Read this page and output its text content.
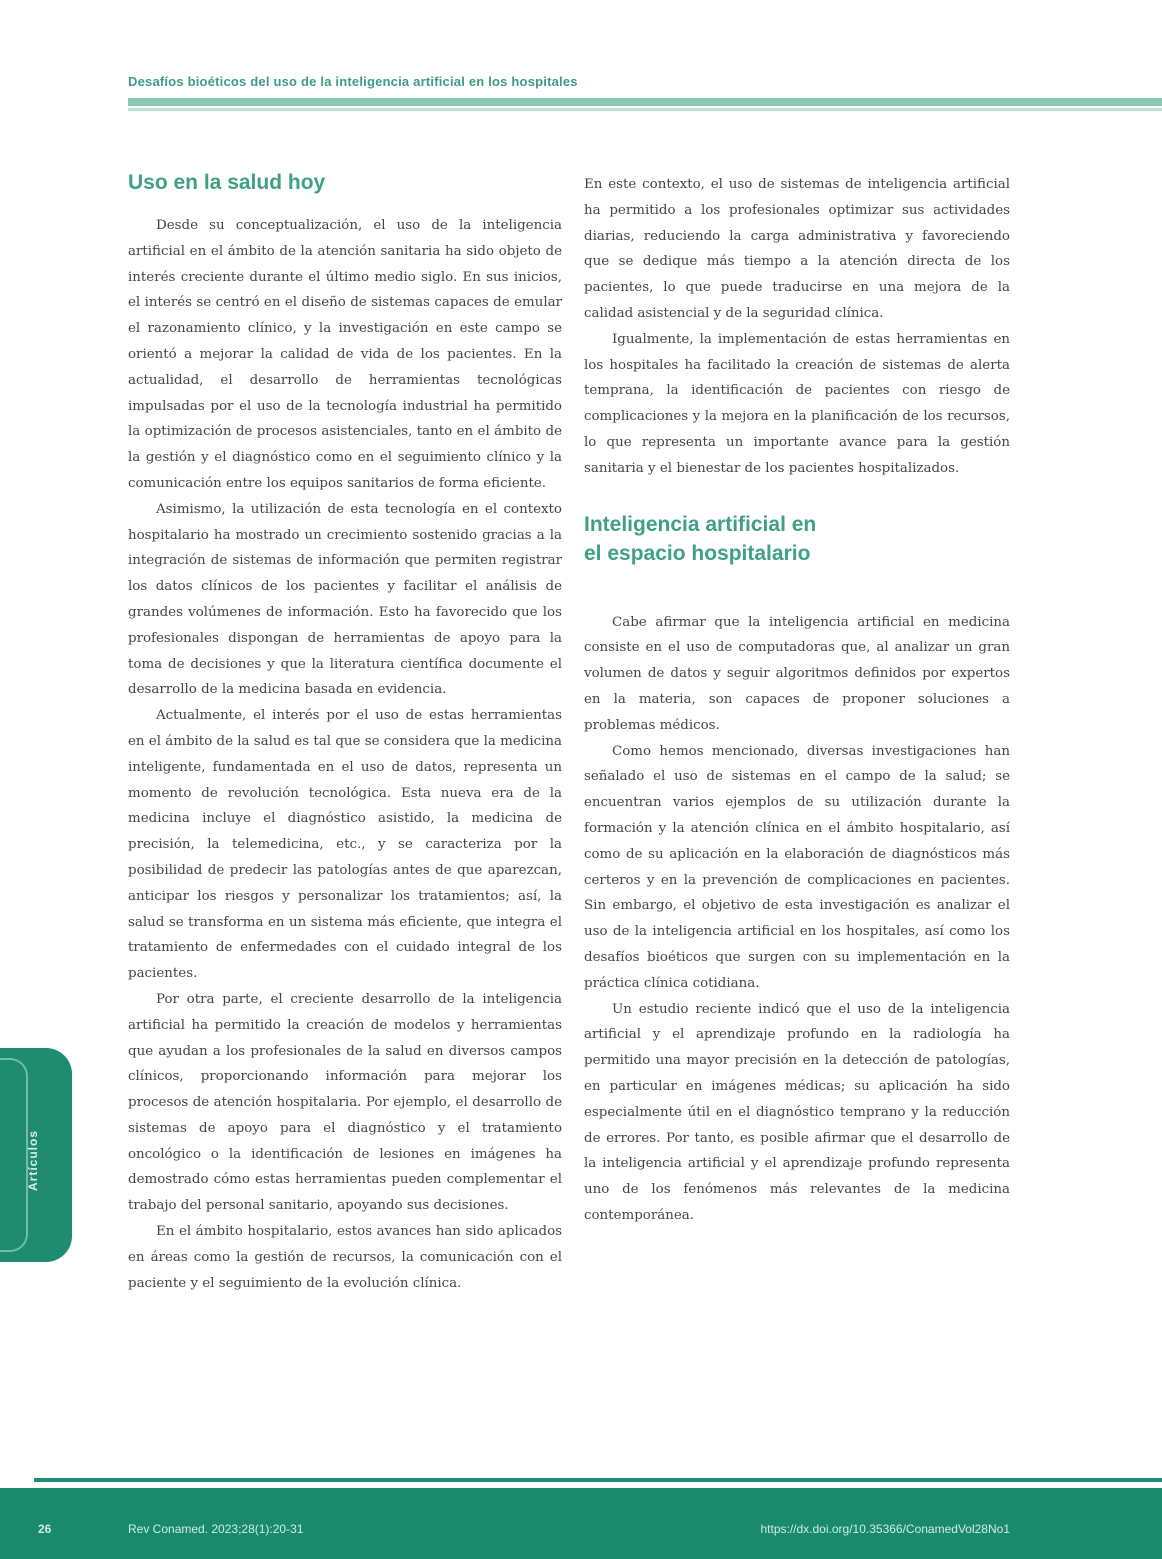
Desafíos bioéticos del uso de la inteligencia artificial en los hospitales
Uso en la salud hoy

Desde su conceptualización, el uso de la inteligencia artificial en el ámbito de la atención sanitaria ha sido objeto de interés creciente durante el último medio siglo. En sus inicios, el interés se centró en el diseño de sistemas capaces de emular el razonamiento clínico, y la investigación en este campo se orientó a mejorar la calidad de vida de los pacientes. En la actualidad, el desarrollo de herramientas tecnológicas impulsadas por el uso de la tecnología industrial ha permitido la optimización de procesos asistenciales, tanto en el ámbito de la gestión y el diagnóstico como en el seguimiento clínico y la comunicación entre los equipos sanitarios de forma eficiente.

Asimismo, la utilización de esta tecnología en el contexto hospitalario ha mostrado un crecimiento sostenido gracias a la integración de sistemas de información que permiten registrar los datos clínicos de los pacientes y facilitar el análisis de grandes volúmenes de información. Esto ha favorecido que los profesionales dispongan de herramientas de apoyo para la toma de decisiones y que la literatura científica documente el desarrollo de la medicina basada en evidencia.

Actualmente, el interés por el uso de estas herramientas en el ámbito de la salud es tal que se considera que la medicina inteligente, fundamentada en el uso de datos, representa un momento de revolución tecnológica. Esta nueva era de la medicina incluye el diagnóstico asistido, la medicina de precisión, la telemedicina, etc., y se caracteriza por la posibilidad de predecir las patologías antes de que aparezcan, anticipar los riesgos y personalizar los tratamientos; así, la salud se transforma en un sistema más eficiente, que integra el tratamiento de enfermedades con el cuidado integral de los pacientes.

Por otra parte, el creciente desarrollo de la inteligencia artificial ha permitido la creación de modelos y herramientas que ayudan a los profesionales de la salud en diversos campos clínicos, proporcionando información para mejorar los procesos de atención hospitalaria. Por ejemplo, el desarrollo de sistemas de apoyo para el diagnóstico y el tratamiento oncológico o la identificación de lesiones en imágenes ha demostrado cómo estas herramientas pueden complementar el trabajo del personal sanitario, apoyando sus decisiones.

En el ámbito hospitalario, estos avances han sido aplicados en áreas como la gestión de recursos, la comunicación con el paciente y el seguimiento de la evolución clínica.

En este contexto, el uso de sistemas de inteligencia artificial ha permitido a los profesionales optimizar sus actividades diarias, reduciendo la carga administrativa y favoreciendo que se dedique más tiempo a la atención directa de los pacientes, lo que puede traducirse en una mejora de la calidad asistencial y de la seguridad clínica.

Igualmente, la implementación de estas herramientas en los hospitales ha facilitado la creación de sistemas de alerta temprana, la identificación de pacientes con riesgo de complicaciones y la mejora en la planificación de los recursos, lo que representa un importante avance para la gestión sanitaria y el bienestar de los pacientes hospitalizados.

Inteligencia artificial en
el espacio hospitalario

Cabe afirmar que la inteligencia artificial en medicina consiste en el uso de computadoras que, al analizar un gran volumen de datos y seguir algoritmos definidos por expertos en la materia, son capaces de proponer soluciones a problemas médicos.

Como hemos mencionado, diversas investigaciones han señalado el uso de sistemas en el campo de la salud; se encuentran varios ejemplos de su utilización durante la formación y la atención clínica en el ámbito hospitalario, así como de su aplicación en la elaboración de diagnósticos más certeros y en la prevención de complicaciones en pacientes. Sin embargo, el objetivo de esta investigación es analizar el uso de la inteligencia artificial en los hospitales, así como los desafíos bioéticos que surgen con su implementación en la práctica clínica cotidiana.

Un estudio reciente indicó que el uso de la inteligencia artificial y el aprendizaje profundo en la radiología ha permitido una mayor precisión en la detección de patologías, en particular en imágenes médicas; su aplicación ha sido especialmente útil en el diagnóstico temprano y la reducción de errores. Por tanto, es posible afirmar que el desarrollo de la inteligencia artificial y el aprendizaje profundo representa uno de los fenómenos más relevantes de la medicina contemporánea.

Artículos
26	Rev Conamed. 2023;28(1):20-31	https://dx.doi.org/10.35366/ConamedVol28No1
